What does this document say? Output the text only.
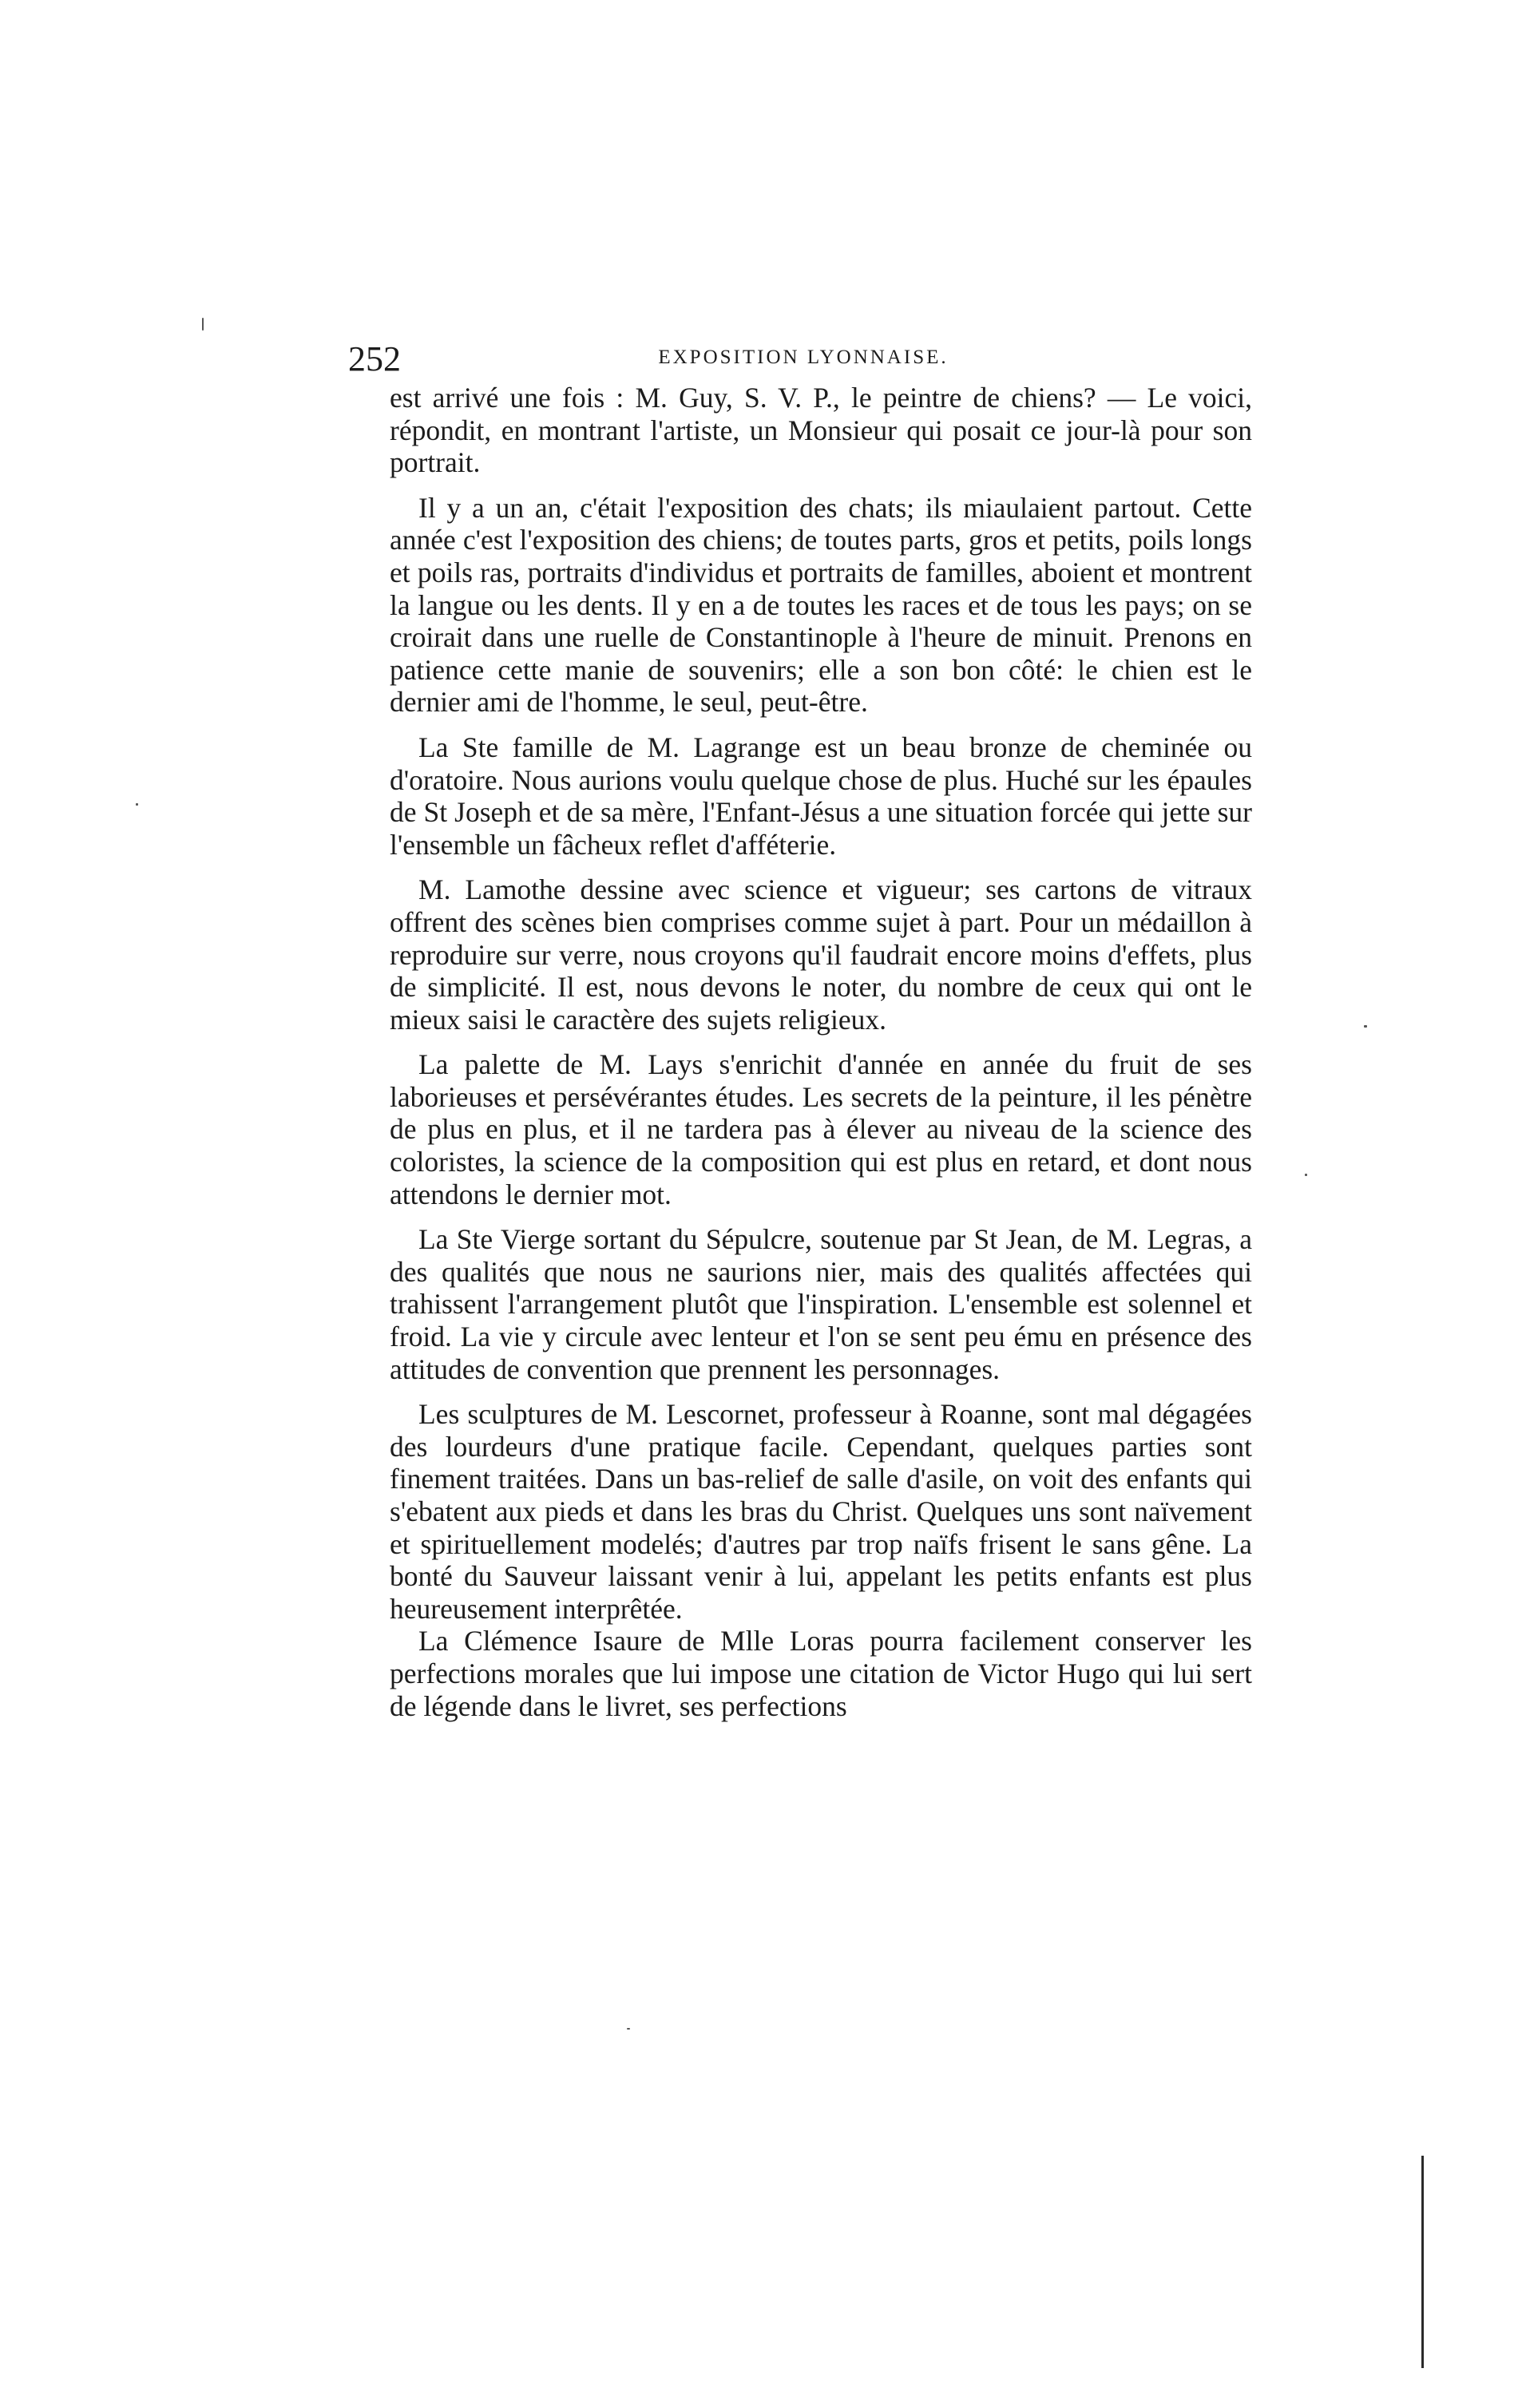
252	EXPOSITION LYONNAISE.

est arrivé une fois : M. Guy, S. V. P., le peintre de chiens? — Le voici, répondit, en montrant l'artiste, un Monsieur qui posait ce jour-là pour son portrait.

Il y a un an, c'était l'exposition des chats; ils miaulaient partout. Cette année c'est l'exposition des chiens; de toutes parts, gros et petits, poils longs et poils ras, portraits d'individus et portraits de familles, aboient et montrent la langue ou les dents. Il y en a de toutes les races et de tous les pays; on se croirait dans une ruelle de Constantinople à l'heure de minuit. Prenons en patience cette manie de souvenirs; elle a son bon côté: le chien est le dernier ami de l'homme, le seul, peut-être.

La Ste famille de M. Lagrange est un beau bronze de cheminée ou d'oratoire. Nous aurions voulu quelque chose de plus. Huché sur les épaules de St Joseph et de sa mère, l'Enfant-Jésus a une situation forcée qui jette sur l'ensemble un fâcheux reflet d'afféterie.

M. Lamothe dessine avec science et vigueur; ses cartons de vitraux offrent des scènes bien comprises comme sujet à part. Pour un médaillon à reproduire sur verre, nous croyons qu'il faudrait encore moins d'effets, plus de simplicité. Il est, nous devons le noter, du nombre de ceux qui ont le mieux saisi le caractère des sujets religieux.

La palette de M. Lays s'enrichit d'année en année du fruit de ses laborieuses et persévérantes études. Les secrets de la peinture, il les pénètre de plus en plus, et il ne tardera pas à élever au niveau de la science des coloristes, la science de la composition qui est plus en retard, et dont nous attendons le dernier mot.

La Ste Vierge sortant du Sépulcre, soutenue par St Jean, de M. Legras, a des qualités que nous ne saurions nier, mais des qualités affectées qui trahissent l'arrangement plutôt que l'inspiration. L'ensemble est solennel et froid. La vie y circule avec lenteur et l'on se sent peu ému en présence des attitudes de convention que prennent les personnages.

Les sculptures de M. Lescornet, professeur à Roanne, sont mal dégagées des lourdeurs d'une pratique facile. Cependant, quelques parties sont finement traitées. Dans un bas-relief de salle d'asile, on voit des enfants qui s'ebatent aux pieds et dans les bras du Christ. Quelques uns sont naïvement et spirituellement modelés; d'autres par trop naïfs frisent le sans gêne. La bonté du Sauveur laissant venir à lui, appelant les petits enfants est plus heureusement interprêtée.

La Clémence Isaure de Mlle Loras pourra facilement conserver les perfections morales que lui impose une citation de Victor Hugo qui lui sert de légende dans le livret, ses perfections
